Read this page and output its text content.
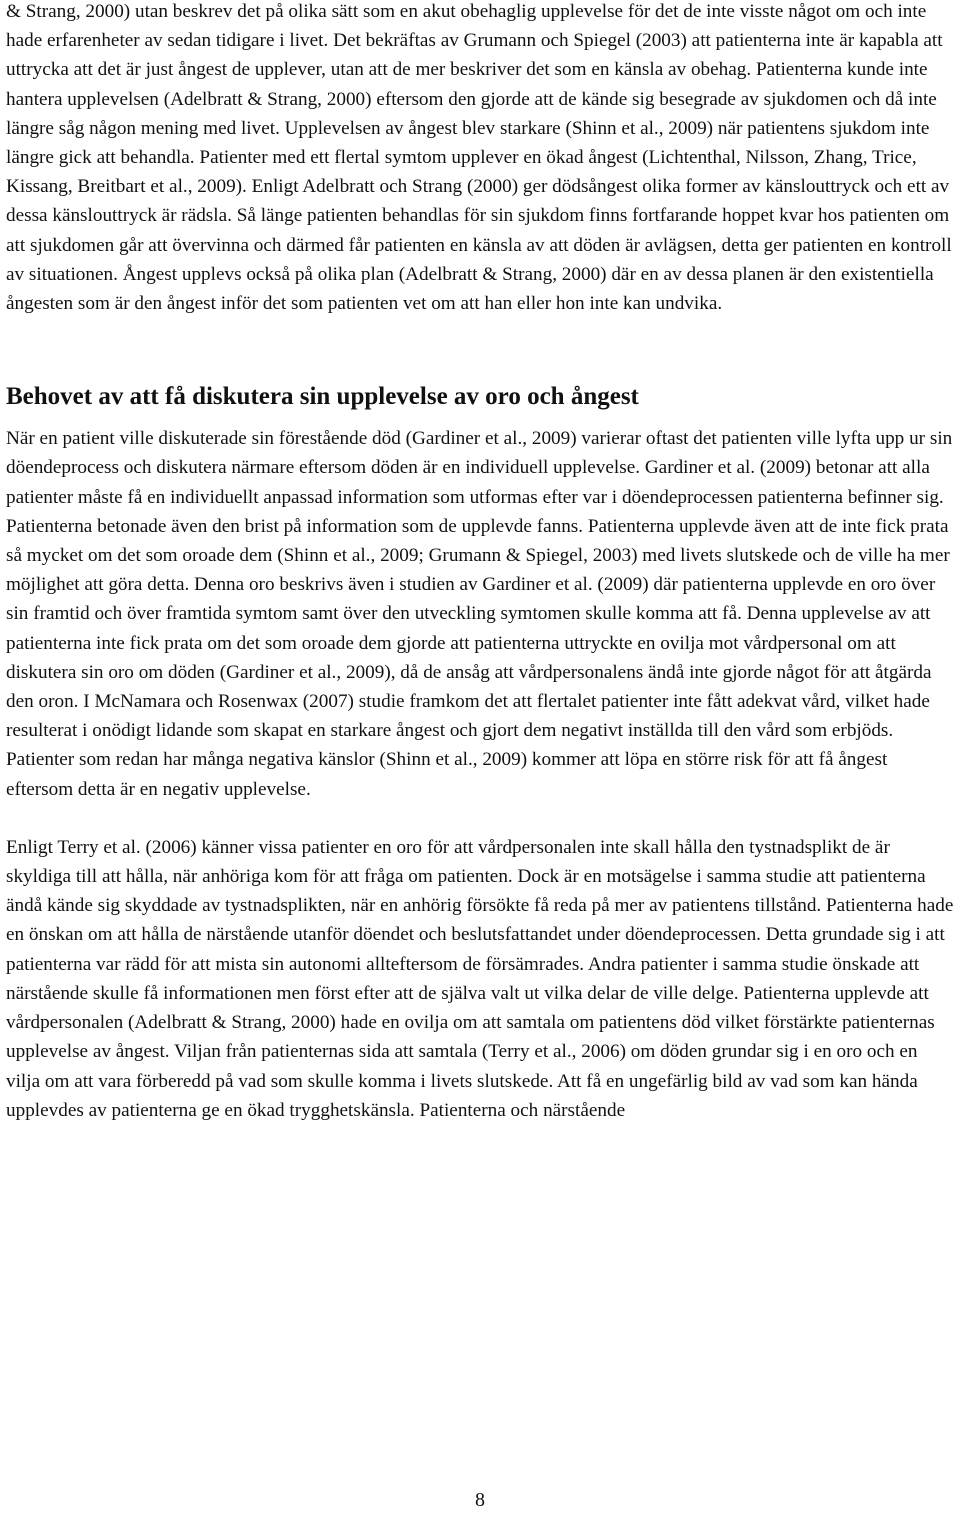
& Strang, 2000) utan beskrev det på olika sätt som en akut obehaglig upplevelse för det de inte visste något om och inte hade erfarenheter av sedan tidigare i livet. Det bekräftas av Grumann och Spiegel (2003) att patienterna inte är kapabla att uttrycka att det är just ångest de upplever, utan att de mer beskriver det som en känsla av obehag. Patienterna kunde inte hantera upplevelsen (Adelbratt & Strang, 2000) eftersom den gjorde att de kände sig besegrade av sjukdomen och då inte längre såg någon mening med livet. Upplevelsen av ångest blev starkare (Shinn et al., 2009) när patientens sjukdom inte längre gick att behandla. Patienter med ett flertal symtom upplever en ökad ångest (Lichtenthal, Nilsson, Zhang, Trice, Kissang, Breitbart et al., 2009). Enligt Adelbratt och Strang (2000) ger dödsångest olika former av känslouttryck och ett av dessa känslouttryck är rädsla. Så länge patienten behandlas för sin sjukdom finns fortfarande hoppet kvar hos patienten om att sjukdomen går att övervinna och därmed får patienten en känsla av att döden är avlägsen, detta ger patienten en kontroll av situationen. Ångest upplevs också på olika plan (Adelbratt & Strang, 2000) där en av dessa planen är den existentiella ångesten som är den ångest inför det som patienten vet om att han eller hon inte kan undvika.

Behovet av att få diskutera sin upplevelse av oro och ångest

När en patient ville diskuterade sin förestående död (Gardiner et al., 2009) varierar oftast det patienten ville lyfta upp ur sin döendeprocess och diskutera närmare eftersom döden är en individuell upplevelse. Gardiner et al. (2009) betonar att alla patienter måste få en individuellt anpassad information som utformas efter var i döendeprocessen patienterna befinner sig. Patienterna betonade även den brist på information som de upplevde fanns. Patienterna upplevde även att de inte fick prata så mycket om det som oroade dem (Shinn et al., 2009; Grumann & Spiegel, 2003) med livets slutskede och de ville ha mer möjlighet att göra detta. Denna oro beskrivs även i studien av Gardiner et al. (2009) där patienterna upplevde en oro över sin framtid och över framtida symtom samt över den utveckling symtomen skulle komma att få. Denna upplevelse av att patienterna inte fick prata om det som oroade dem gjorde att patienterna uttryckte en ovilja mot vårdpersonal om att diskutera sin oro om döden (Gardiner et al., 2009), då de ansåg att vårdpersonalens ändå inte gjorde något för att åtgärda den oron. I McNamara och Rosenwax (2007) studie framkom det att flertalet patienter inte fått adekvat vård, vilket hade resulterat i onödigt lidande som skapat en starkare ångest och gjort dem negativt inställda till den vård som erbjöds. Patienter som redan har många negativa känslor (Shinn et al., 2009) kommer att löpa en större risk för att få ångest eftersom detta är en negativ upplevelse.

Enligt Terry et al. (2006) känner vissa patienter en oro för att vårdpersonalen inte skall hålla den tystnadsplikt de är skyldiga till att hålla, när anhöriga kom för att fråga om patienten. Dock är en motsägelse i samma studie att patienterna ändå kände sig skyddade av tystnadsplikten, när en anhörig försökte få reda på mer av patientens tillstånd. Patienterna hade en önskan om att hålla de närstående utanför döendet och beslutsfattandet under döendeprocessen. Detta grundade sig i att patienterna var rädd för att mista sin autonomi allteftersom de försämrades. Andra patienter i samma studie önskade att närstående skulle få informationen men först efter att de själva valt ut vilka delar de ville delge. Patienterna upplevde att vårdpersonalen (Adelbratt & Strang, 2000) hade en ovilja om att samtala om patientens död vilket förstärkte patienternas upplevelse av ångest. Viljan från patienternas sida att samtala (Terry et al., 2006) om döden grundar sig i en oro och en vilja om att vara förberedd på vad som skulle komma i livets slutskede. Att få en ungefärlig bild av vad som kan hända upplevdes av patienterna ge en ökad trygghetskänsla. Patienterna och närstående

8
